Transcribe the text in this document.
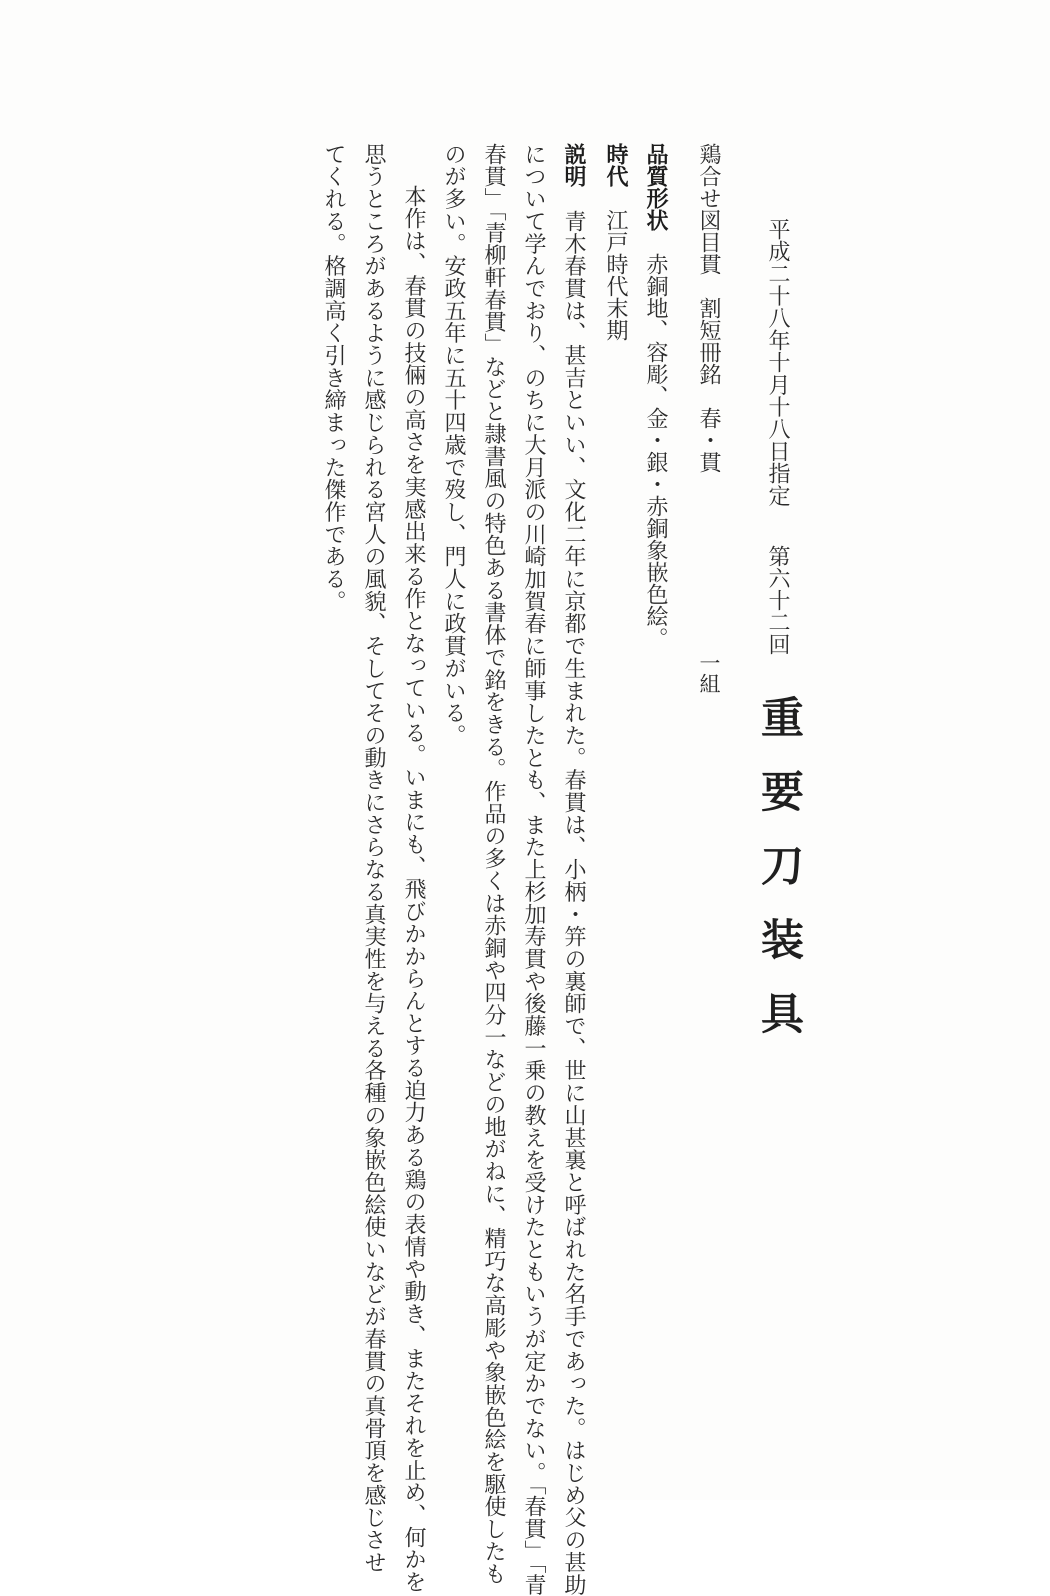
平成二十八年十月十八日指定
第六十二回
重要刀装具
鶏合せ図目貫　割短冊銘　春・貫
一組
品質形状　赤銅地、容彫、金・銀・赤銅象嵌色絵。
時代　江戸時代末期
説明　青木春貫は、甚吉といい、文化二年に京都で生まれた。春貫は、小柄・笄の裏師で、世に山甚裏と呼ばれた名手であった。はじめ父の甚助
について学んでおり、のちに大月派の川崎加賀春に師事したとも、また上杉加寿貫や後藤一乗の教えを受けたともいうが定かでない。「春貫」「青
春貫」「青柳軒春貫」などと隷書風の特色ある書体で銘をきる。作品の多くは赤銅や四分一などの地がねに、精巧な高彫や象嵌色絵を駆使したも
のが多い。安政五年に五十四歳で歿し、門人に政貫がいる。
本作は、春貫の技倆の高さを実感出来る作となっている。いまにも、飛びかからんとする迫力ある鶏の表情や動き、またそれを止め、何かを
思うところがあるように感じられる宮人の風貌、そしてその動きにさらなる真実性を与える各種の象嵌色絵使いなどが春貫の真骨頂を感じさせ
てくれる。格調高く引き締まった傑作である。
